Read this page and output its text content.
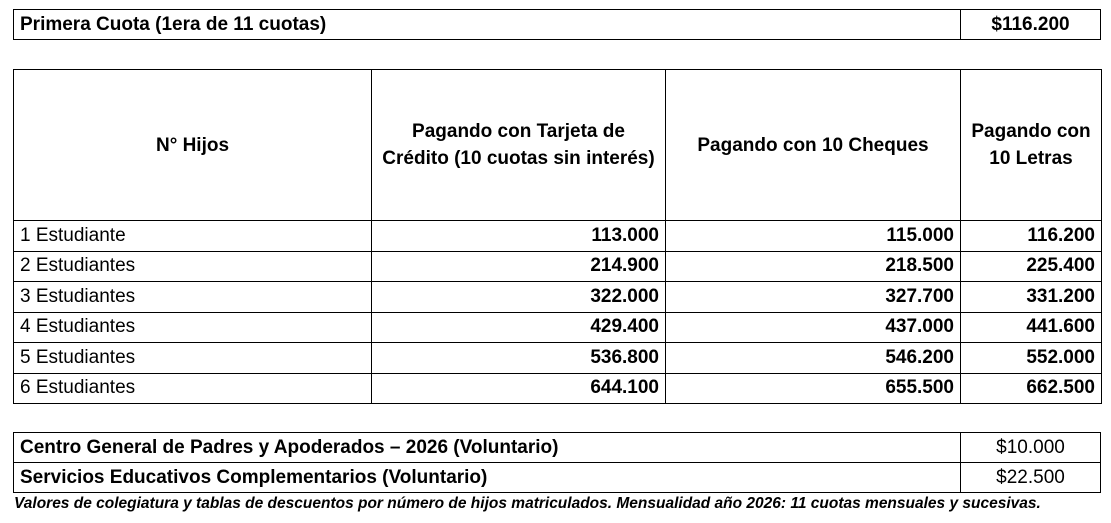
Primera Cuota (1era de 11 cuotas)	$116.200
N° Hijos	Pagando con Tarjeta de Crédito (10 cuotas sin interés)	Pagando con 10 Cheques	Pagando con 10 Letras
1 Estudiante	113.000	115.000	116.200
2 Estudiantes	214.900	218.500	225.400
3 Estudiantes	322.000	327.700	331.200
4 Estudiantes	429.400	437.000	441.600
5 Estudiantes	536.800	546.200	552.000
6 Estudiantes	644.100	655.500	662.500
Centro General de Padres y Apoderados – 2026 (Voluntario)	$10.000
Servicios Educativos Complementarios (Voluntario)	$22.500
Valores de colegiatura y tablas de descuentos por número de hijos matriculados. Mensualidad año 2026: 11 cuotas mensuales y sucesivas.
